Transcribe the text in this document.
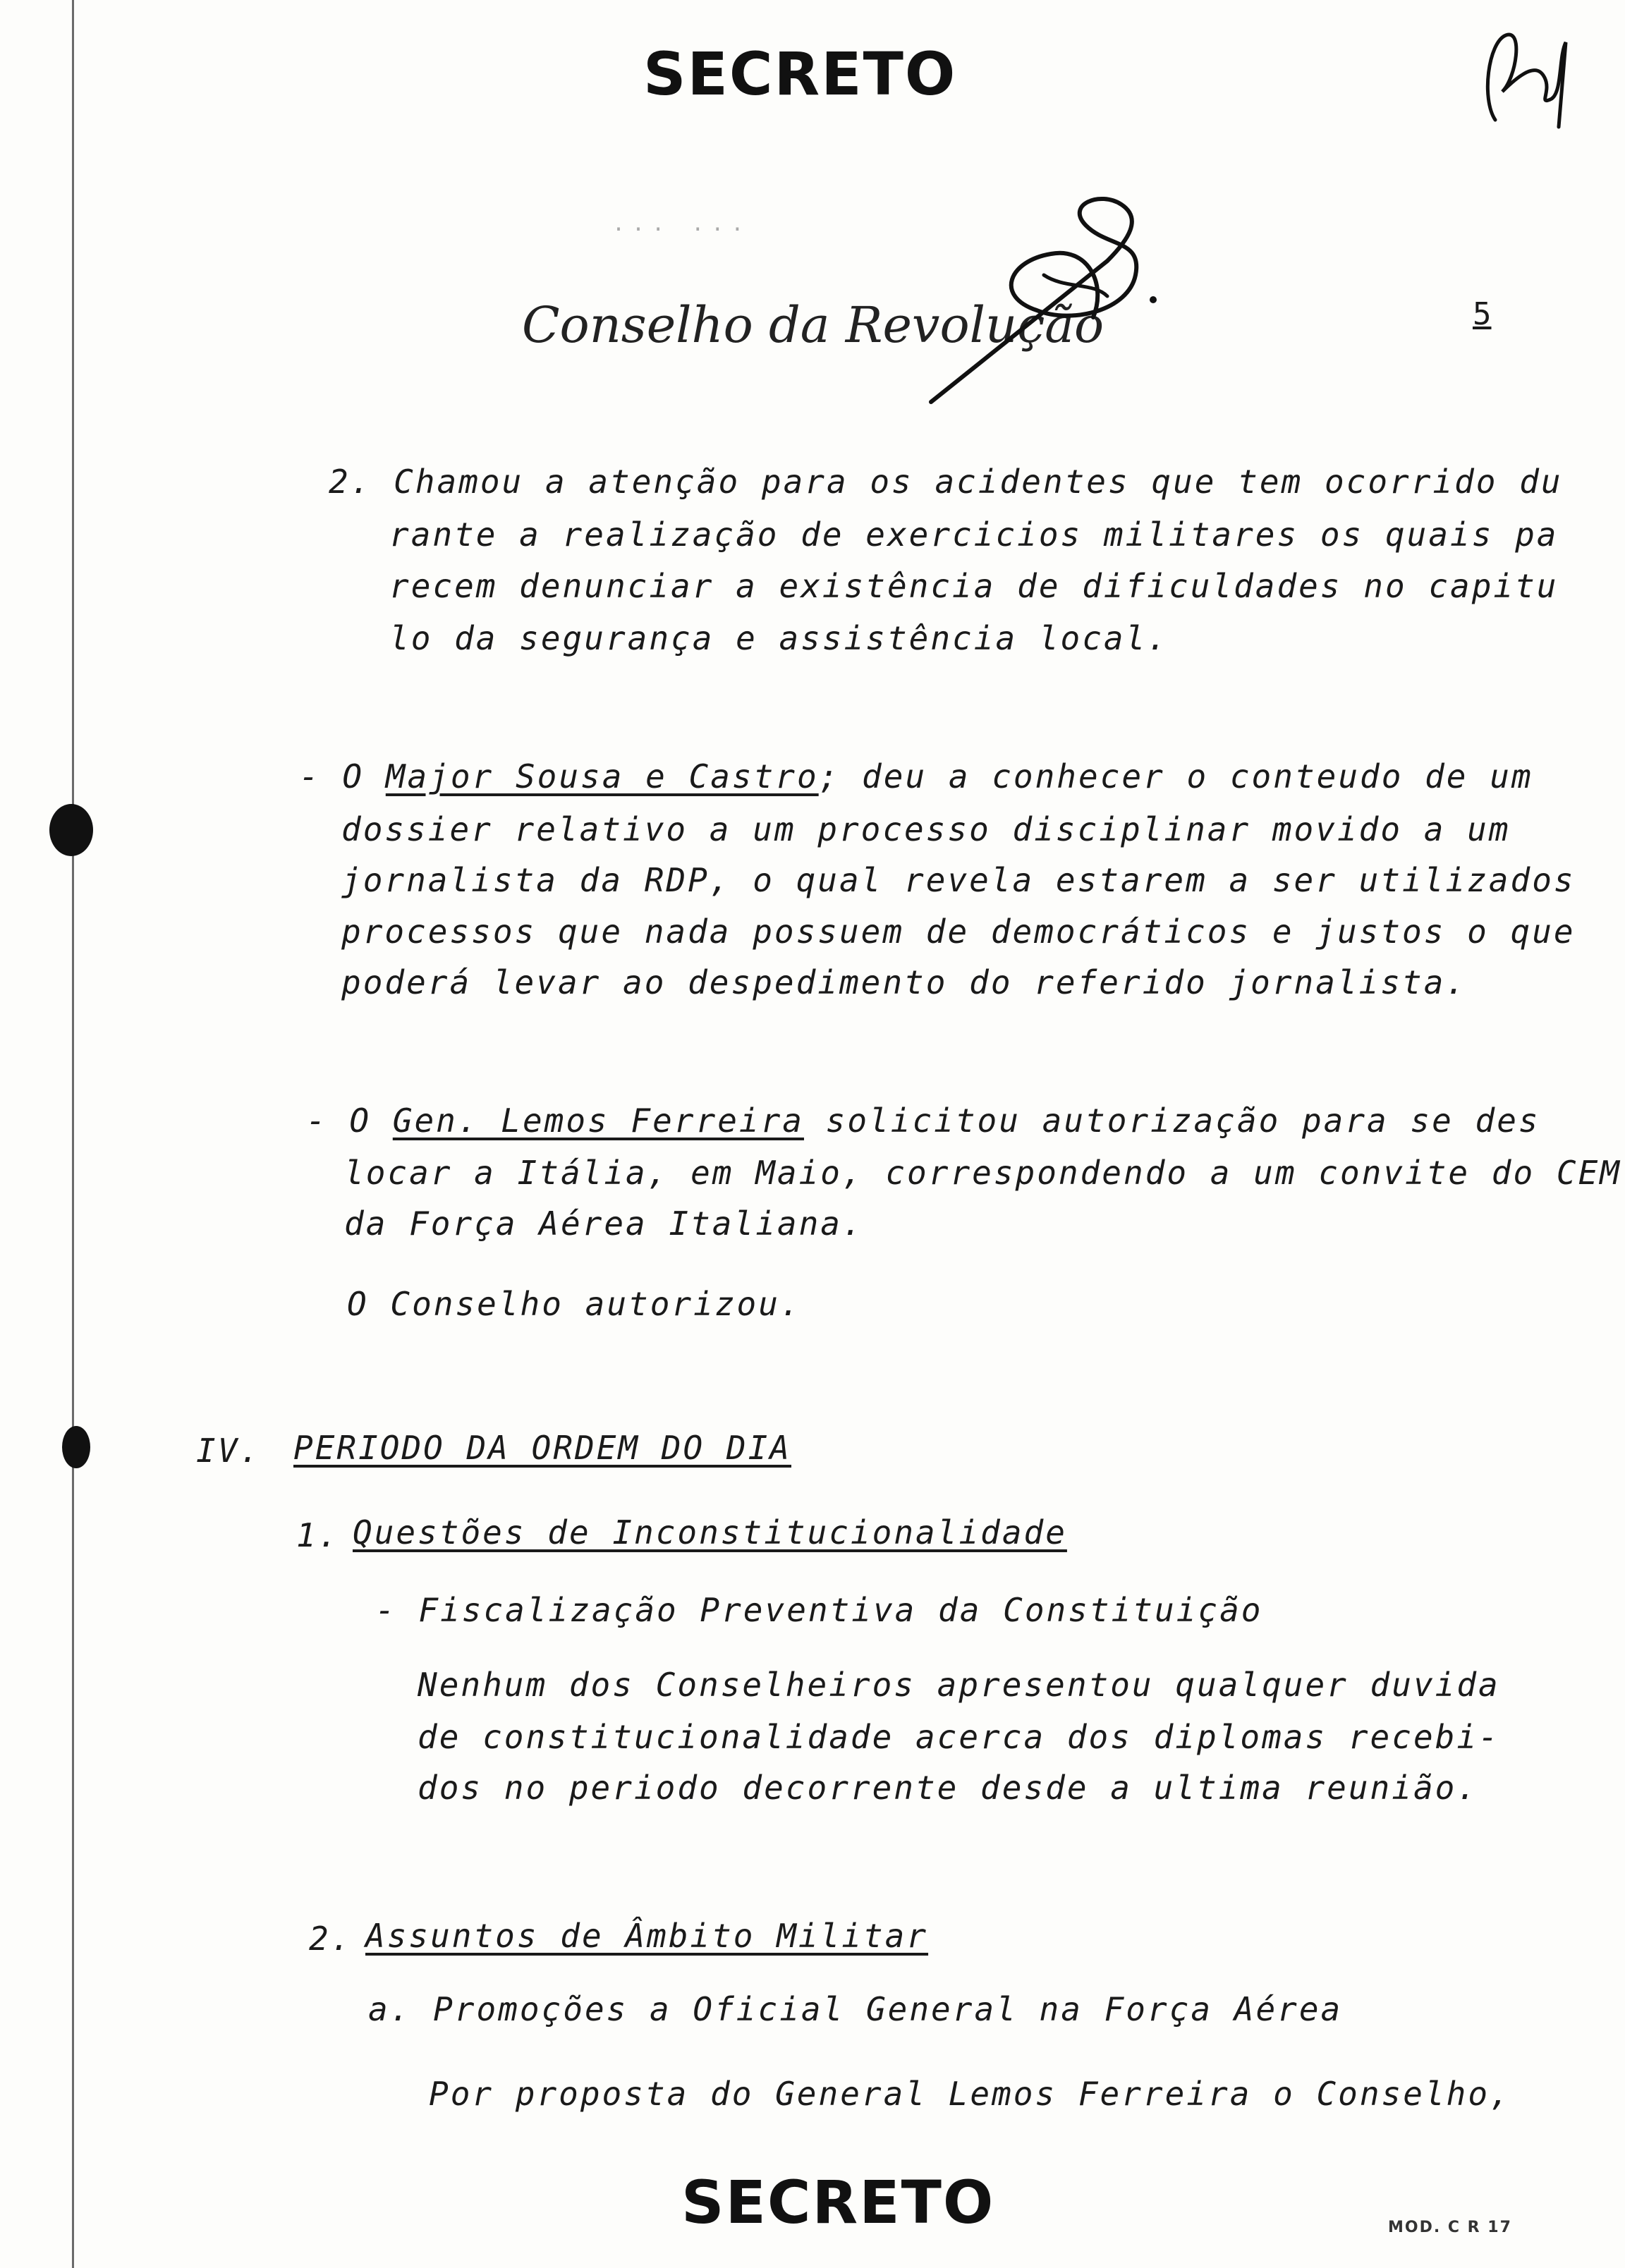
SECRETO
... ...
Conselho da Revolução	5
2. Chamou a atenção para os acidentes que tem ocorrido du
rante a realização de exercicios militares os quais pa
recem denunciar a existência de dificuldades no capitu
lo da segurança e assistência local.
- O Major Sousa e Castro; deu a conhecer o conteudo de um
dossier relativo a um processo disciplinar movido a um
jornalista da RDP, o qual revela estarem a ser utilizados
processos que nada possuem de democráticos e justos o que
poderá levar ao despedimento do referido jornalista.
- O Gen. Lemos Ferreira solicitou autorização para se des
locar a Itália, em Maio, correspondendo a um convite do CEM
da Força Aérea Italiana.
O Conselho autorizou.
IV. PERIODO DA ORDEM DO DIA
1. Questões de Inconstitucionalidade
- Fiscalização Preventiva da Constituição
Nenhum dos Conselheiros apresentou qualquer duvida
de constitucionalidade acerca dos diplomas recebi-
dos no periodo decorrente desde a ultima reunião.
2. Assuntos de Âmbito Militar
a. Promoções a Oficial General na Força Aérea
Por proposta do General Lemos Ferreira o Conselho,
SECRETO	MOD. C R 17
